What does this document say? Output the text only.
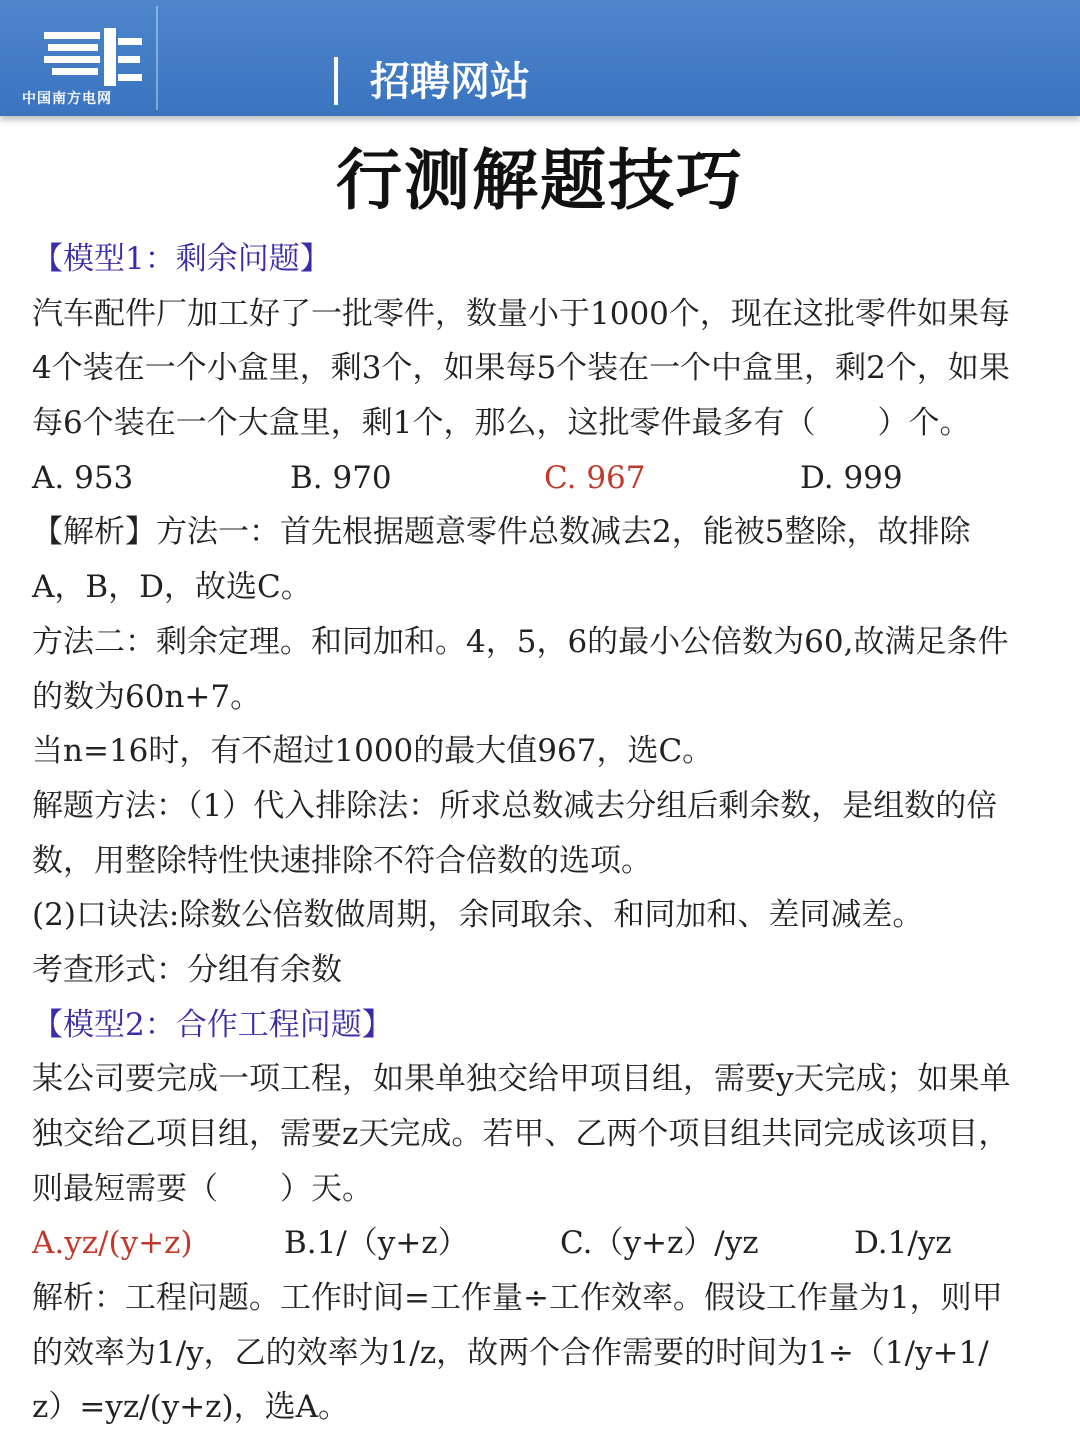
中国南方电网	招聘网站
行测解题技巧
【模型1：剩余问题】
汽车配件厂加工好了一批零件，数量小于1000个，现在这批零件如果每
4个装在一个小盒里，剩3个，如果每5个装在一个中盒里，剩2个，如果
每6个装在一个大盒里，剩1个，那么，这批零件最多有（　　）个。
A. 953	B. 970	C. 967	D. 999
【解析】方法一：首先根据题意零件总数减去2，能被5整除，故排除
A，B，D，故选C。
方法二：剩余定理。和同加和。4，5，6的最小公倍数为60,故满足条件
的数为60n+7。
当n=16时，有不超过1000的最大值967，选C。
解题方法：（1）代入排除法：所求总数减去分组后剩余数，是组数的倍
数，用整除特性快速排除不符合倍数的选项。
(2)口诀法:除数公倍数做周期，余同取余、和同加和、差同减差。
考查形式：分组有余数
【模型2：合作工程问题】
某公司要完成一项工程，如果单独交给甲项目组，需要y天完成；如果单
独交给乙项目组，需要z天完成。若甲、乙两个项目组共同完成该项目，
则最短需要（　　）天。
A.yz/(y+z)	B.1/（y+z）	C.（y+z）/yz	D.1/yz
解析：工程问题。工作时间=工作量÷工作效率。假设工作量为1，则甲
的效率为1/y，乙的效率为1/z，故两个合作需要的时间为1÷（1/y+1/
z）=yz/(y+z)，选A。
